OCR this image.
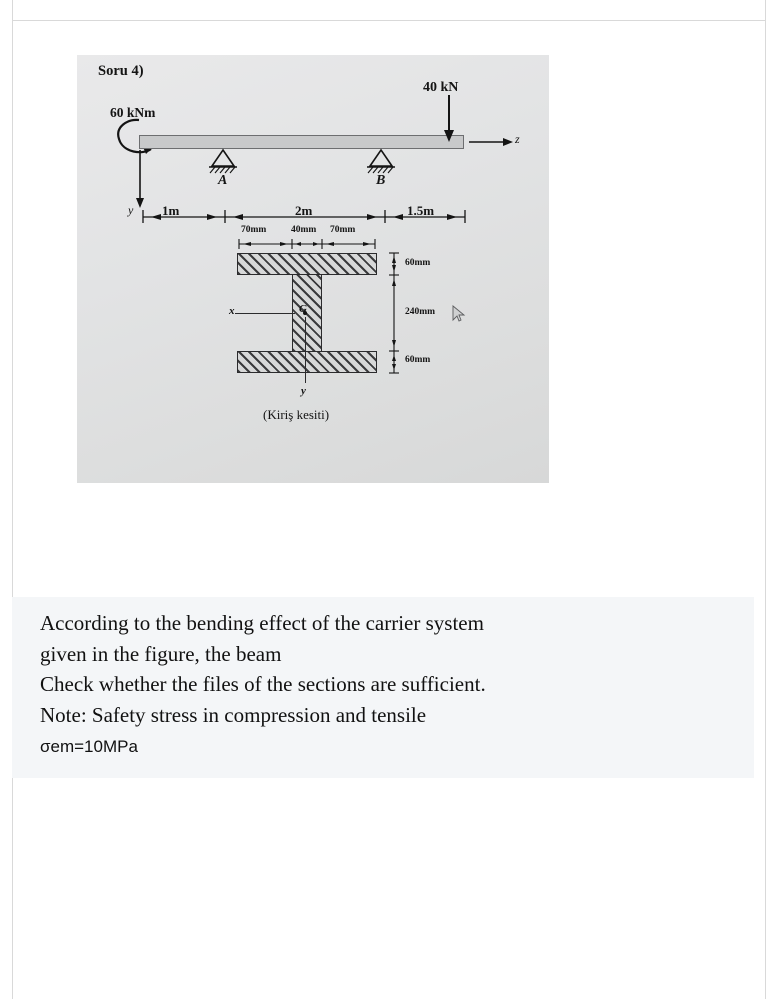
Soru 4)
60 kNm
40 kN
y
z
A	B
1m	2m	1.5m
70mm	40mm 70mm
60mm
240mm
60mm
G
x
y
(Kiriş kesiti)

According to the bending effect of the carrier system

given in the figure, the beam

Check whether the files of the sections are sufficient.

Note: Safety stress in compression and tensile

σem=10MPa
